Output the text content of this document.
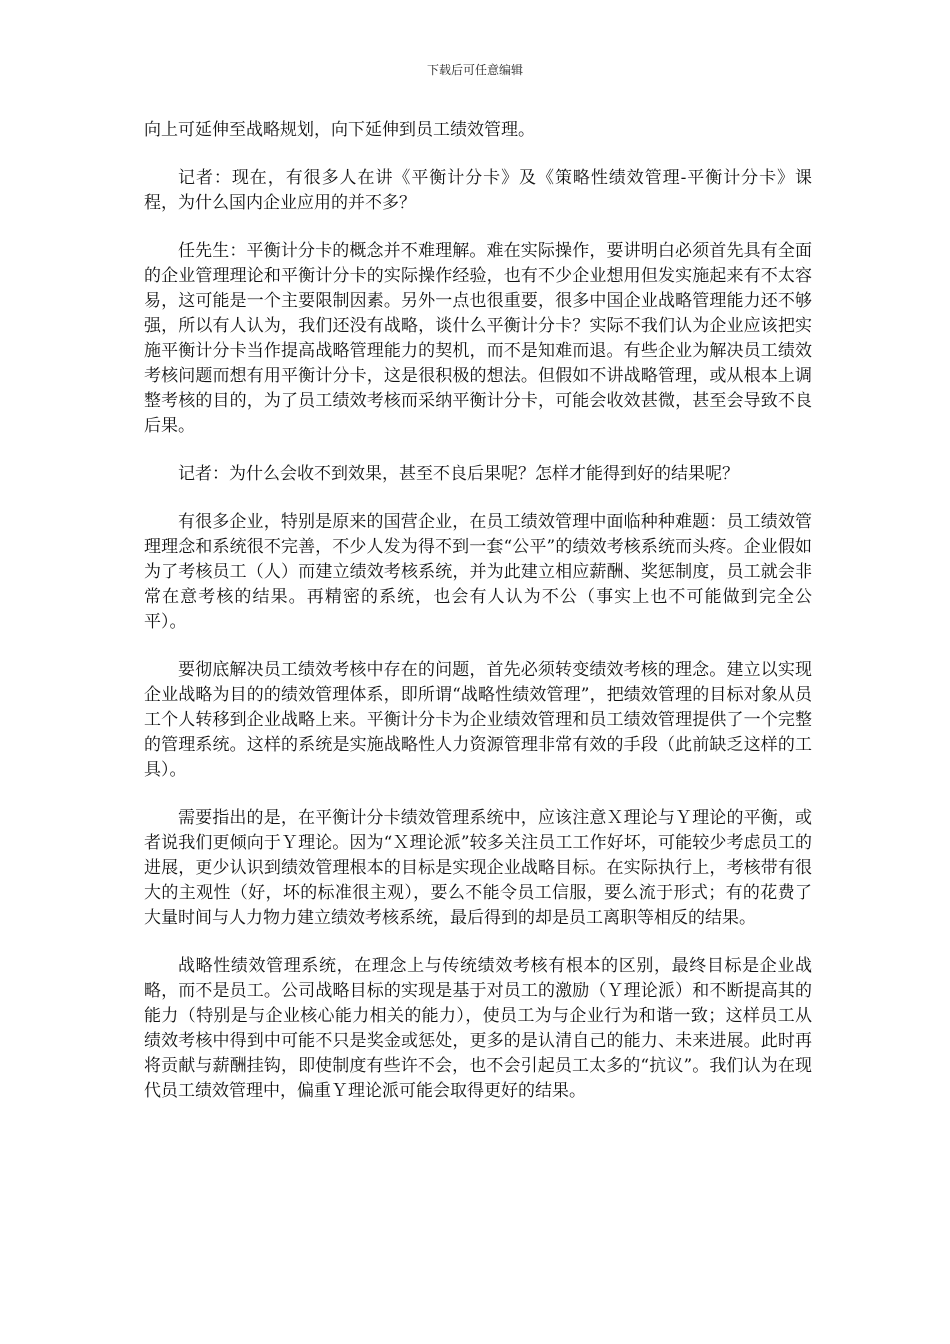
下载后可任意编辑

向上可延伸至战略规划，向下延伸到员工绩效管理。

记者：现在，有很多人在讲《平衡计分卡》及《策略性绩效管理-平衡计分卡》课程，为什么国内企业应用的并不多？

任先生：平衡计分卡的概念并不难理解。难在实际操作，要讲明白必须首先具有全面的企业管理理论和平衡计分卡的实际操作经验，也有不少企业想用但发实施起来有不太容易，这可能是一个主要限制因素。另外一点也很重要，很多中国企业战略管理能力还不够强，所以有人认为，我们还没有战略，谈什么平衡计分卡？实际不我们认为企业应该把实施平衡计分卡当作提高战略管理能力的契机，而不是知难而退。有些企业为解决员工绩效考核问题而想有用平衡计分卡，这是很积极的想法。但假如不讲战略管理，或从根本上调整考核的目的，为了员工绩效考核而采纳平衡计分卡，可能会收效甚微，甚至会导致不良后果。

记者：为什么会收不到效果，甚至不良后果呢？怎样才能得到好的结果呢？

有很多企业，特别是原来的国营企业，在员工绩效管理中面临种种难题：员工绩效管理理念和系统很不完善，不少人发为得不到一套“公平”的绩效考核系统而头疼。企业假如为了考核员工（人）而建立绩效考核系统，并为此建立相应薪酬、奖惩制度，员工就会非常在意考核的结果。再精密的系统，也会有人认为不公（事实上也不可能做到完全公平）。

要彻底解决员工绩效考核中存在的问题，首先必须转变绩效考核的理念。建立以实现企业战略为目的的绩效管理体系，即所谓“战略性绩效管理”，把绩效管理的目标对象从员工个人转移到企业战略上来。平衡计分卡为企业绩效管理和员工绩效管理提供了一个完整的管理系统。这样的系统是实施战略性人力资源管理非常有效的手段（此前缺乏这样的工具）。

需要指出的是，在平衡计分卡绩效管理系统中，应该注意Ｘ理论与Ｙ理论的平衡，或者说我们更倾向于Ｙ理论。因为“Ｘ理论派”较多关注员工工作好坏，可能较少考虑员工的进展，更少认识到绩效管理根本的目标是实现企业战略目标。在实际执行上，考核带有很大的主观性（好，坏的标准很主观），要么不能令员工信服，要么流于形式；有的花费了大量时间与人力物力建立绩效考核系统，最后得到的却是员工离职等相反的结果。

战略性绩效管理系统，在理念上与传统绩效考核有根本的区别，最终目标是企业战略，而不是员工。公司战略目标的实现是基于对员工的激励（Ｙ理论派）和不断提高其的能力（特别是与企业核心能力相关的能力），使员工为与企业行为和谐一致；这样员工从绩效考核中得到中可能不只是奖金或惩处，更多的是认清自己的能力、未来进展。此时再将贡献与薪酬挂钩，即使制度有些许不会，也不会引起员工太多的“抗议”。我们认为在现代员工绩效管理中，偏重Ｙ理论派可能会取得更好的结果。
